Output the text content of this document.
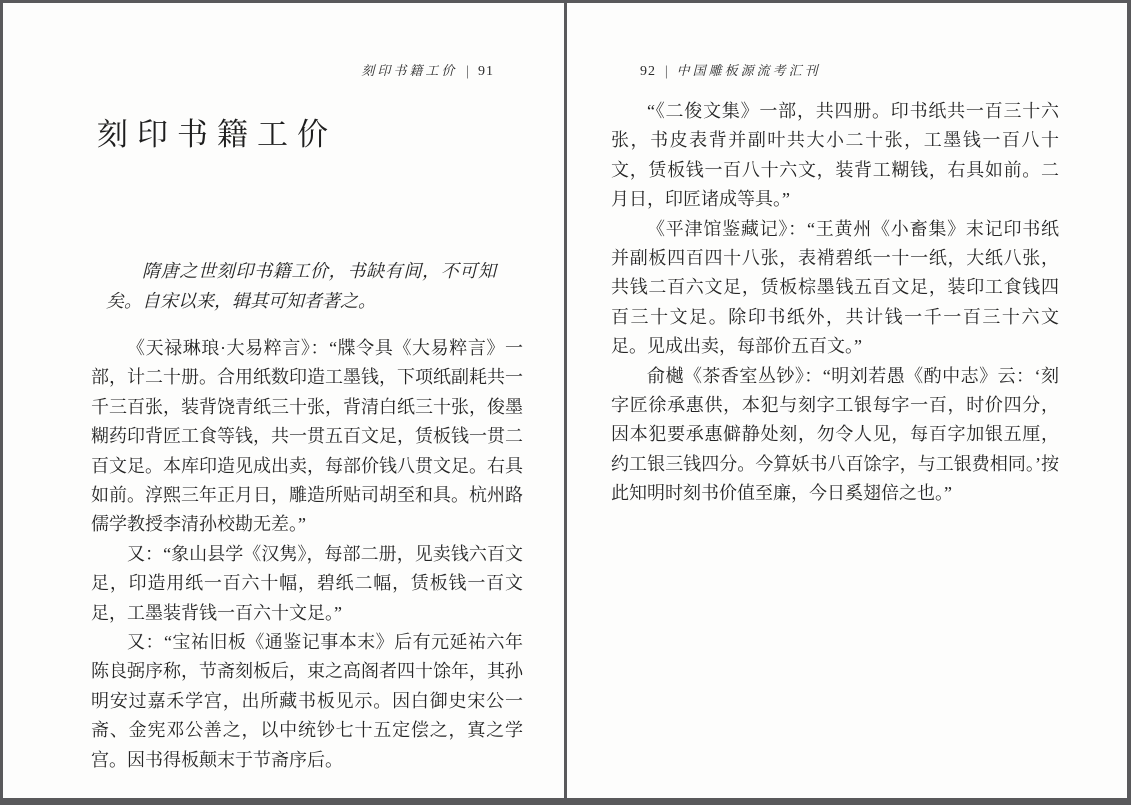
刻印书籍工价 | 91
刻印书籍工价

隋唐之世刻印书籍工价，书缺有间，不可知矣。自宋以来，辑其可知者著之。

《天禄琳琅·大易粹言》：“牒令具《大易粹言》一部，计二十册。合用纸数印造工墨钱，下项纸副耗共一千三百张，装背饶青纸三十张，背清白纸三十张，俊墨糊药印背匠工食等钱，共一贯五百文足，赁板钱一贯二百文足。本库印造见成出卖，每部价钱八贯文足。右具如前。淳熙三年正月日，雕造所贴司胡至和具。杭州路儒学教授李清孙校勘无差。”

又：“象山县学《汉隽》，每部二册，见卖钱六百文足，印造用纸一百六十幅，碧纸二幅，赁板钱一百文足，工墨装背钱一百六十文足。”

又：“宝祐旧板《通鉴记事本末》后有元延祐六年陈良弼序称，节斋刻板后，束之高阁者四十馀年，其孙明安过嘉禾学宫，出所藏书板见示。因白御史宋公一斋、金宪邓公善之，以中统钞七十五定偿之，寘之学宫。因书得板颠末于节斋序后。

92 | 中国雕板源流考汇刊

“《二俊文集》一部，共四册。印书纸共一百三十六张，书皮表背并副叶共大小二十张，工墨钱一百八十文，赁板钱一百八十六文，装背工糊钱，右具如前。二月日，印匠诸成等具。”

《平津馆鉴藏记》：“王黄州《小畜集》末记印书纸并副板四百四十八张，表褙碧纸一十一纸，大纸八张，共钱二百六文足，赁板棕墨钱五百文足，装印工食钱四百三十文足。除印书纸外，共计钱一千一百三十六文足。见成出卖，每部价五百文。”

俞樾《茶香室丛钞》：“明刘若愚《酌中志》云：‘刻字匠徐承惠供，本犯与刻字工银每字一百，时价四分，因本犯要承惠僻静处刻，勿令人见，每百字加银五厘，约工银三钱四分。今算妖书八百馀字，与工银费相同。’按此知明时刻书价值至廉，今日奚翅倍之也。”
